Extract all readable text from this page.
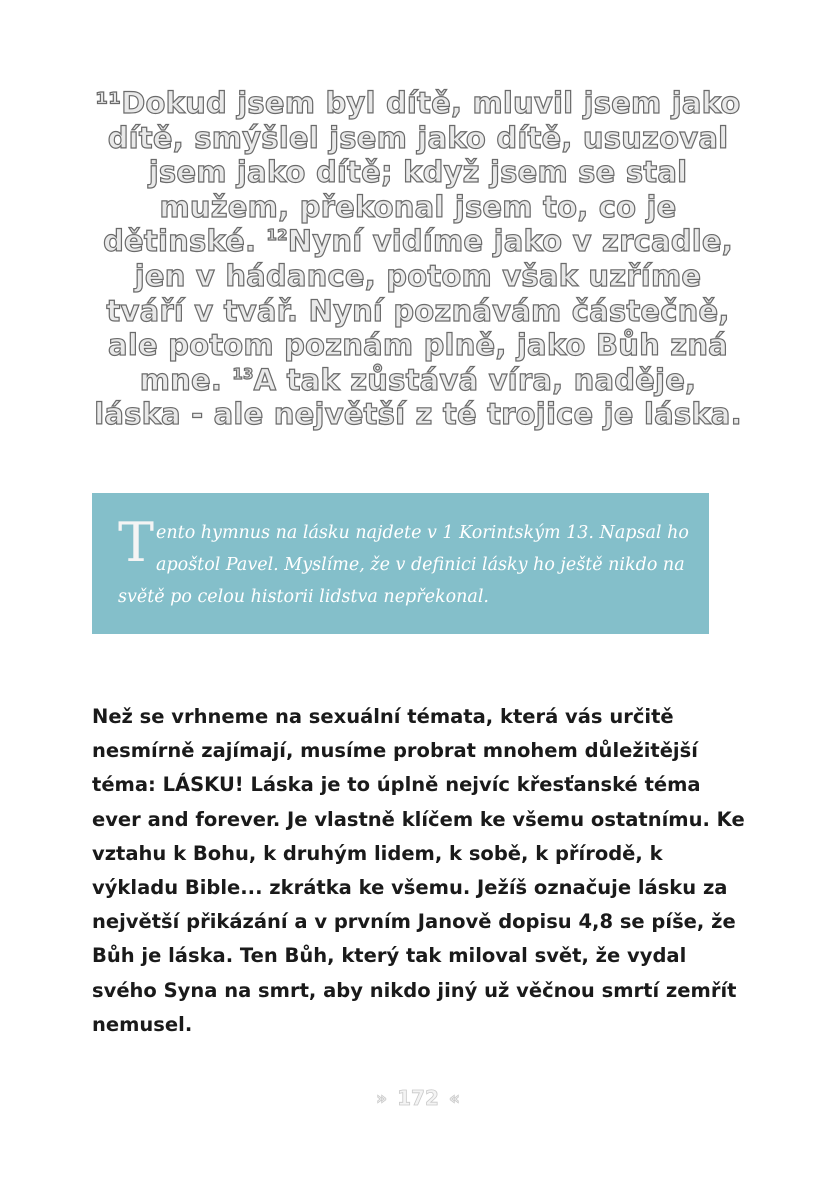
¹¹Dokud jsem byl dítě, mluvil jsem jako dítě, smýšlel jsem jako dítě, usuzoval jsem jako dítě; když jsem se stal mužem, překonal jsem to, co je dětinské. $^{12}$Nyní vidíme jako v zrcadle, jen v hádance, potom však uzříme tváří v tvář. Nyní poznávám částečně, ale potom poznám plně, jako Bůh zná mne. $^{13}$A tak zůstává víra, naděje, láska - ale největší z té trojice je láska.
Tento hymnus na lásku najdete v 1 Korintským 13. Napsal ho apoštol Pavel. Myslíme, že v definici lásky ho ještě nikdo na světě po celou historii lidstva nepřekonal.
Než se vrhneme na sexuální témata, která vás určitě nesmírně zajímají, musíme probrat mnohem důležitější téma: LÁSKU! Láska je to úplně nejvíc křesťanské téma ever and forever. Je vlastně klíčem ke všemu ostatnímu. Ke vztahu k Bohu, k druhým lidem, k sobě, k přírodě, k výkladu Bible... zkrátka ke všemu. Ježíš označuje lásku za největší přikázání a v prvním Janově dopisu 4,8 se píše, že Bůh je láska. Ten Bůh, který tak miloval svět, že vydal svého Syna na smrt, aby nikdo jiný už věčnou smrtí zemřít nemusel.
» 172 «
